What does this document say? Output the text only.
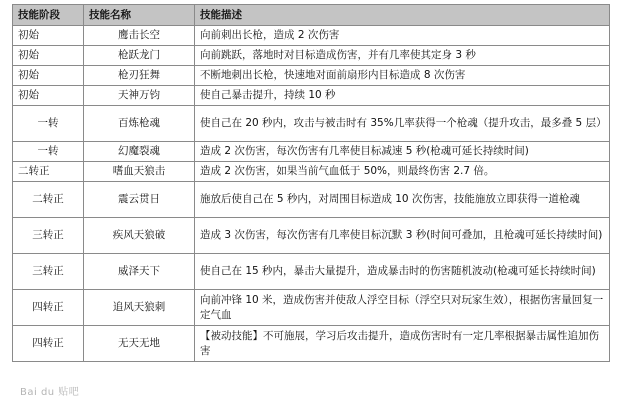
技能阶段	技能名称	技能描述
初始	鹰击长空	向前刺出长枪，造成 2 次伤害
初始	枪跃龙门	向前跳跃，落地时对目标造成伤害，并有几率使其定身 3 秒
初始	枪刃狂舞	不断地刺出长枪，快速地对面前扇形内目标造成 8 次伤害
初始	天神万钧	使自己暴击提升，持续 10 秒
一转	百炼枪魂	使自己在 20 秒内，攻击与被击时有 35%几率获得一个枪魂（提升攻击，最多叠 5 层）
一转	幻魔裂魂	造成 2 次伤害，每次伤害有几率使目标减速 5 秒(枪魂可延长持续时间)
二转正	嗜血天狼击	造成 2 次伤害，如果当前气血低于 50%，则最终伤害 2.7 倍。
二转正	震云贯日	施放后使自己在 5 秒内，对周围目标造成 10 次伤害，技能施放立即获得一道枪魂
三转正	疾风天狼破	造成 3 次伤害，每次伤害有几率使目标沉默 3 秒(时间可叠加，且枪魂可延长持续时间)
三转正	威泽天下	使自己在 15 秒内，暴击大量提升，造成暴击时的伤害随机波动(枪魂可延长持续时间)
四转正	追风天狼刺	向前冲锋 10 米，造成伤害并使敌人浮空目标（浮空只对玩家生效），根据伤害量回复一定气血
四转正	无天无地	【被动技能】不可施展，学习后攻击提升，造成伤害时有一定几率根据暴击属性追加伤害
Bai du 贴吧
